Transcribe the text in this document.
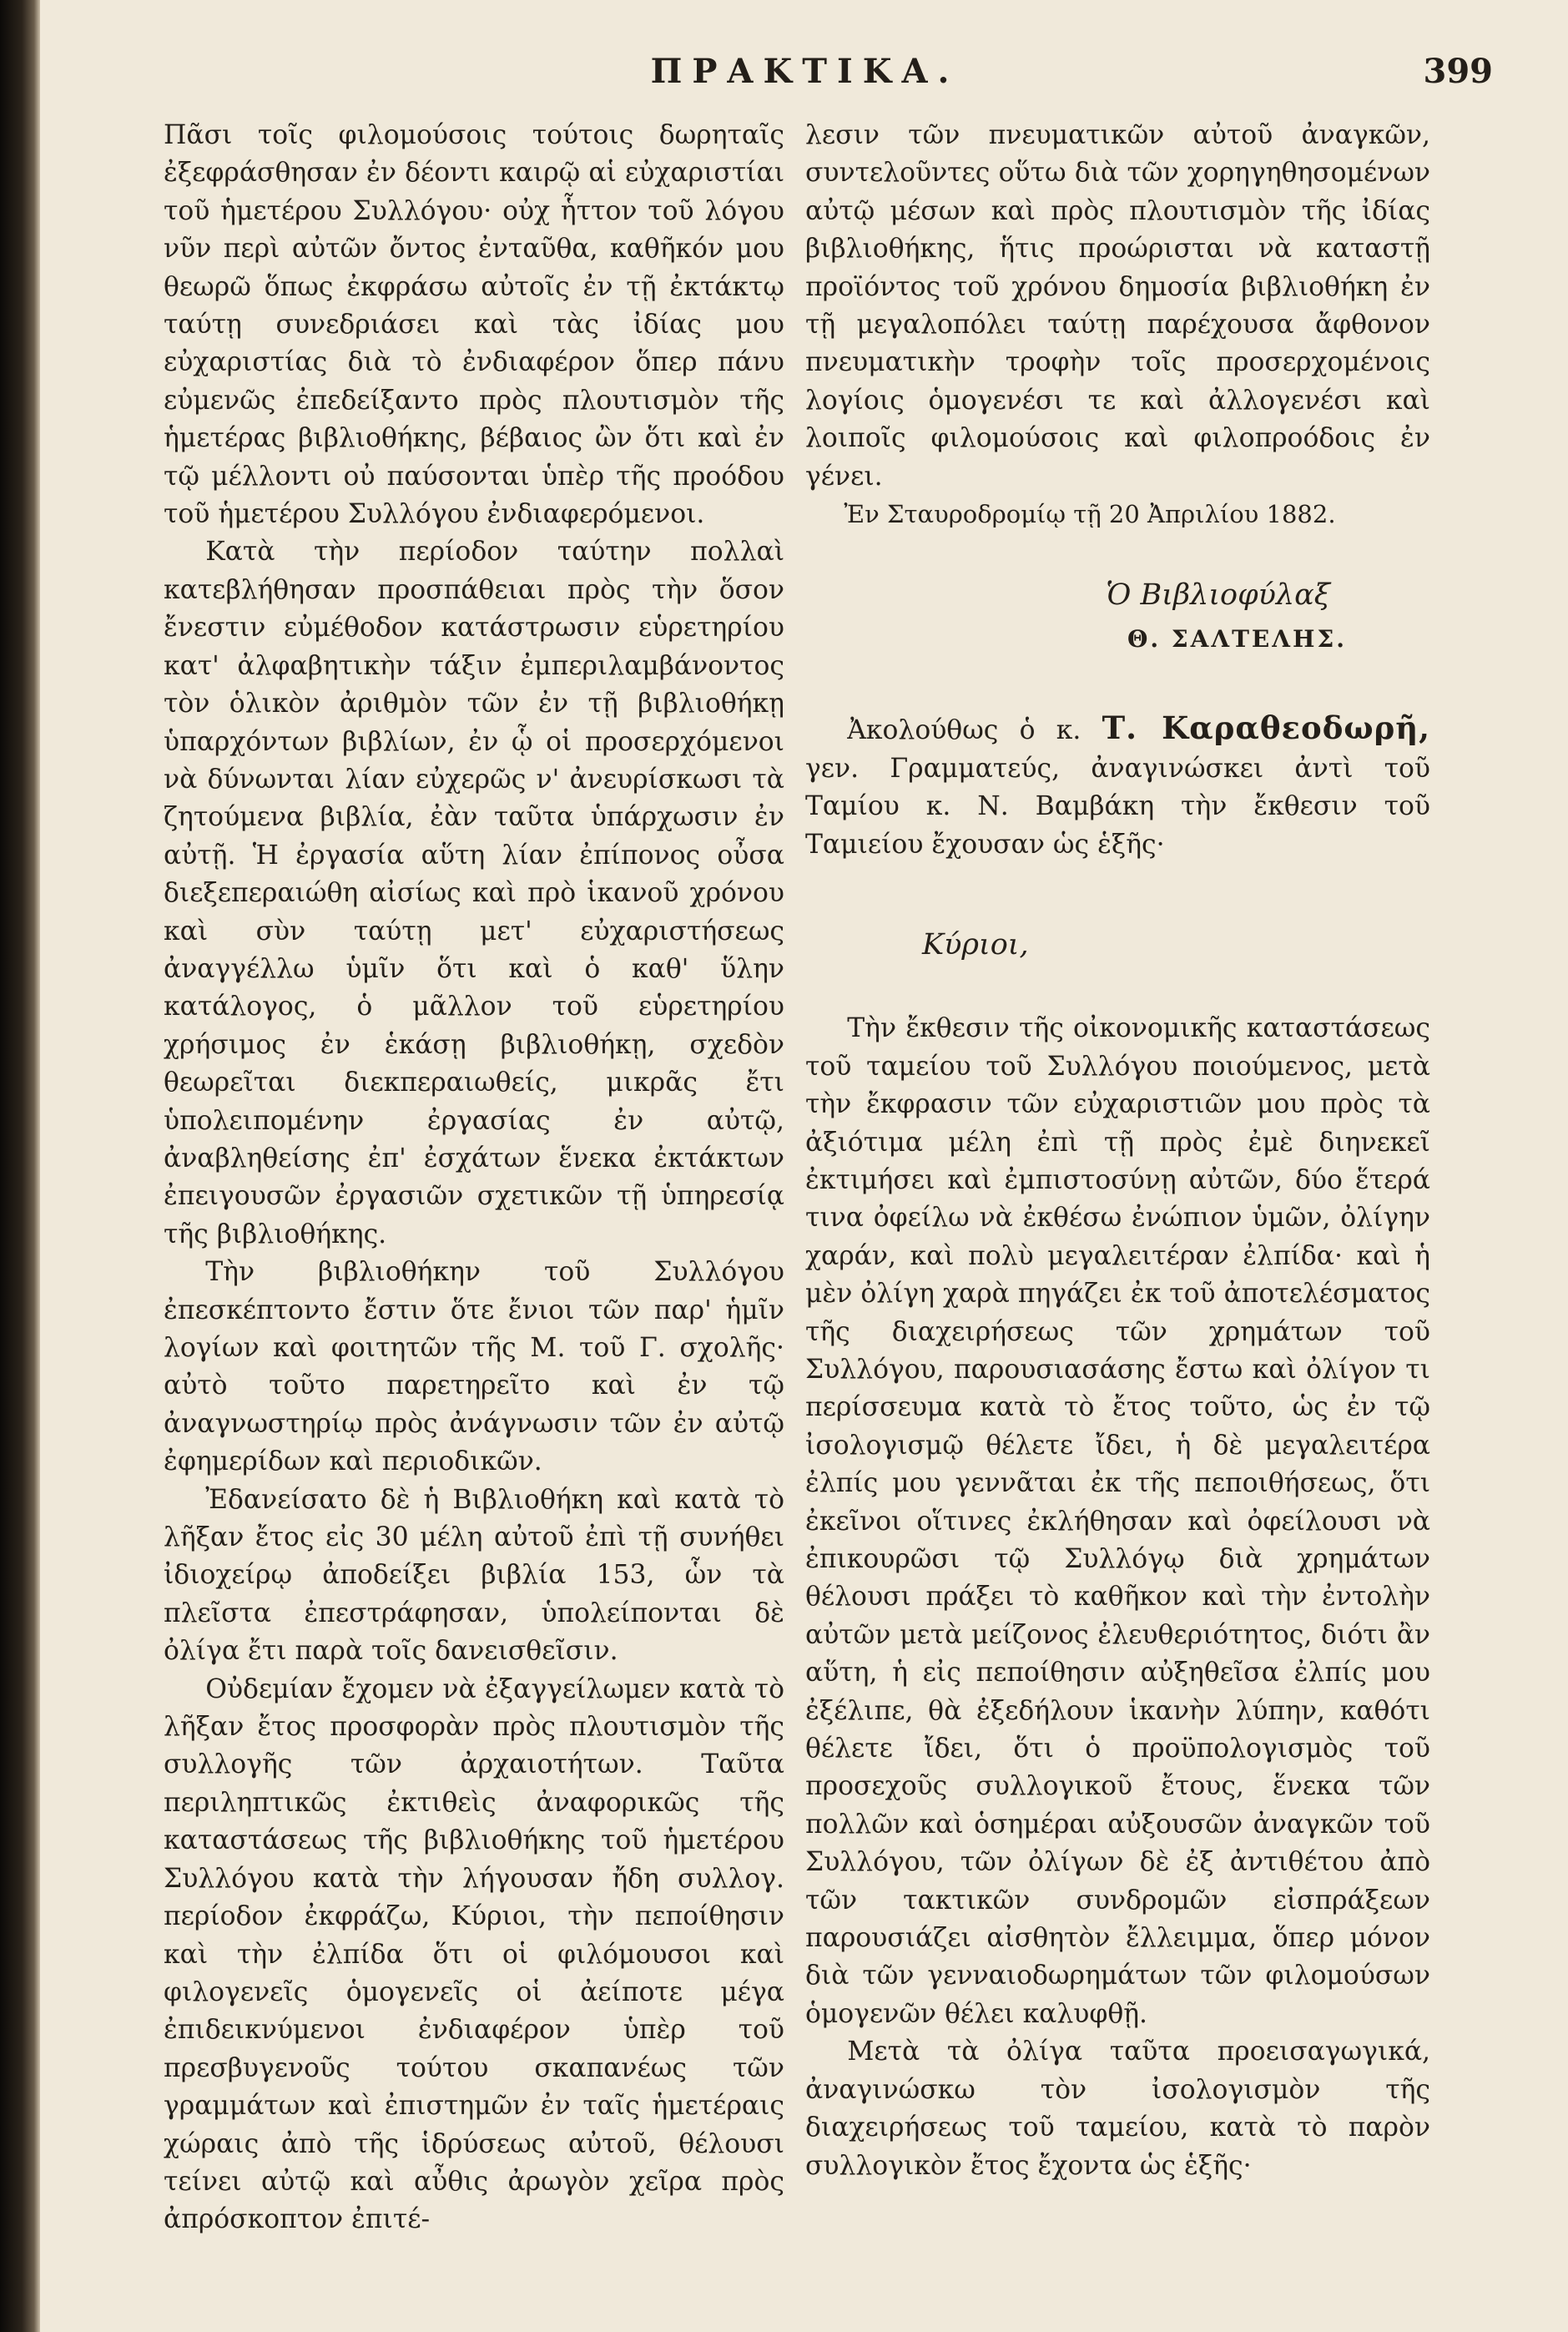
ΠΡΑΚΤΙΚΑ.	399

Πᾶσι τοῖς φιλομούσοις τούτοις δωρηταῖς ἐξεφράσθησαν ἐν δέοντι καιρῷ αἱ εὐχαριστίαι τοῦ ἡμετέρου Συλλόγου· οὐχ ἧττον τοῦ λόγου νῦν περὶ αὐτῶν ὄντος ἐνταῦθα, καθῆκόν μου θεωρῶ ὅπως ἐκφράσω αὐτοῖς ἐν τῇ ἐκτάκτῳ ταύτῃ συνεδριάσει καὶ τὰς ἰδίας μου εὐχαριστίας διὰ τὸ ἐνδιαφέρον ὅπερ πάνυ εὐμενῶς ἐπεδείξαντο πρὸς πλουτισμὸν τῆς ἡμετέρας βιβλιοθήκης, βέβαιος ὢν ὅτι καὶ ἐν τῷ μέλλοντι οὐ παύσονται ὑπὲρ τῆς προόδου τοῦ ἡμετέρου Συλλόγου ἐνδιαφερόμενοι.

Κατὰ τὴν περίοδον ταύτην πολλαὶ κατεβλήθησαν προσπάθειαι πρὸς τὴν ὅσον ἔνεστιν εὐμέθοδον κατάστρωσιν εὑρετηρίου κατ' ἀλφαβητικὴν τάξιν ἐμπεριλαμβάνοντος τὸν ὁλικὸν ἀριθμὸν τῶν ἐν τῇ βιβλιοθήκῃ ὑπαρχόντων βιβλίων, ἐν ᾧ οἱ προσερχόμενοι νὰ δύνωνται λίαν εὐχερῶς ν' ἀνευρίσκωσι τὰ ζητούμενα βιβλία, ἐὰν ταῦτα ὑπάρχωσιν ἐν αὐτῇ. Ἡ ἐργασία αὕτη λίαν ἐπίπονος οὖσα διεξεπεραιώθη αἰσίως καὶ πρὸ ἱκανοῦ χρόνου καὶ σὺν ταύτῃ μετ' εὐχαριστήσεως ἀναγγέλλω ὑμῖν ὅτι καὶ ὁ καθ' ὕλην κατάλογος, ὁ μᾶλλον τοῦ εὑρετηρίου χρήσιμος ἐν ἑκάσῃ βιβλιοθήκῃ, σχεδὸν θεωρεῖται διεκπεραιωθείς, μικρᾶς ἔτι ὑπολειπομένην ἐργασίας ἐν αὐτῷ, ἀναβληθείσης ἐπ' ἐσχάτων ἕνεκα ἐκτάκτων ἐπειγουσῶν ἐργασιῶν σχετικῶν τῇ ὑπηρεσίᾳ τῆς βιβλιοθήκης.

Τὴν βιβλιοθήκην τοῦ Συλλόγου ἐπεσκέπτοντο ἔστιν ὅτε ἔνιοι τῶν παρ' ἡμῖν λογίων καὶ φοιτητῶν τῆς Μ. τοῦ Γ. σχολῆς· αὐτὸ τοῦτο παρετηρεῖτο καὶ ἐν τῷ ἀναγνωστηρίῳ πρὸς ἀνάγνωσιν τῶν ἐν αὐτῷ ἐφημερίδων καὶ περιοδικῶν.

Ἐδανείσατο δὲ ἡ Βιβλιοθήκη καὶ κατὰ τὸ λῆξαν ἔτος εἰς 30 μέλη αὐτοῦ ἐπὶ τῇ συνήθει ἰδιοχείρῳ ἀποδείξει βιβλία 153, ὧν τὰ πλεῖστα ἐπεστράφησαν, ὑπολείπονται δὲ ὀλίγα ἔτι παρὰ τοῖς δανεισθεῖσιν.

Οὐδεμίαν ἔχομεν νὰ ἐξαγγείλωμεν κατὰ τὸ λῆξαν ἔτος προσφορὰν πρὸς πλουτισμὸν τῆς συλλογῆς τῶν ἀρχαιοτήτων. Ταῦτα περιληπτικῶς ἐκτιθεὶς ἀναφορικῶς τῆς καταστάσεως τῆς βιβλιοθήκης τοῦ ἡμετέρου Συλλόγου κατὰ τὴν λήγουσαν ἤδη συλλογ. περίοδον ἐκφράζω, Κύριοι, τὴν πεποίθησιν καὶ τὴν ἐλπίδα ὅτι οἱ φιλόμουσοι καὶ φιλογενεῖς ὁμογενεῖς οἱ ἀείποτε μέγα ἐπιδεικνύμενοι ἐνδιαφέρον ὑπὲρ τοῦ πρεσβυγενοῦς τούτου σκαπανέως τῶν γραμμάτων καὶ ἐπιστημῶν ἐν ταῖς ἡμετέραις χώραις ἀπὸ τῆς ἱδρύσεως αὐτοῦ, θέλουσι τείνει αὐτῷ καὶ αὖθις ἀρωγὸν χεῖρα πρὸς ἀπρόσκοπτον ἐπιτέ-

λεσιν τῶν πνευματικῶν αὐτοῦ ἀναγκῶν, συντελοῦντες οὕτω διὰ τῶν χορηγηθησομένων αὐτῷ μέσων καὶ πρὸς πλουτισμὸν τῆς ἰδίας βιβλιοθήκης, ἥτις προώρισται νὰ καταστῇ προϊόντος τοῦ χρόνου δημοσία βιβλιοθήκη ἐν τῇ μεγαλοπόλει ταύτῃ παρέχουσα ἄφθονον πνευματικὴν τροφὴν τοῖς προσερχομένοις λογίοις ὁμογενέσι τε καὶ ἀλλογενέσι καὶ λοιποῖς φιλομούσοις καὶ φιλοπροόδοις ἐν γένει.

Ἐν Σταυροδρομίῳ τῇ 20 Ἀπριλίου 1882.

Ὁ Βιβλιοφύλαξ
Θ. ΣΑΛΤΕΛΗΣ.

Ἀκολούθως ὁ κ. Τ. Καραθεοδωρῆ, γεν. Γραμματεύς, ἀναγινώσκει ἀντὶ τοῦ Ταμίου κ. Ν. Βαμβάκη τὴν ἔκθεσιν τοῦ Ταμιείου ἔχουσαν ὡς ἑξῆς·

Κύριοι,

Τὴν ἔκθεσιν τῆς οἰκονομικῆς καταστάσεως τοῦ ταμείου τοῦ Συλλόγου ποιούμενος, μετὰ τὴν ἔκφρασιν τῶν εὐχαριστιῶν μου πρὸς τὰ ἀξιότιμα μέλη ἐπὶ τῇ πρὸς ἐμὲ διηνεκεῖ ἐκτιμήσει καὶ ἐμπιστοσύνῃ αὐτῶν, δύο ἕτερά τινα ὀφείλω νὰ ἐκθέσω ἐνώπιον ὑμῶν, ὀλίγην χαράν, καὶ πολὺ μεγαλειτέραν ἐλπίδα· καὶ ἡ μὲν ὀλίγη χαρὰ πηγάζει ἐκ τοῦ ἀποτελέσματος τῆς διαχειρήσεως τῶν χρημάτων τοῦ Συλλόγου, παρουσιασάσης ἔστω καὶ ὀλίγον τι περίσσευμα κατὰ τὸ ἔτος τοῦτο, ὡς ἐν τῷ ἰσολογισμῷ θέλετε ἴδει, ἡ δὲ μεγαλειτέρα ἐλπίς μου γεννᾶται ἐκ τῆς πεποιθήσεως, ὅτι ἐκεῖνοι οἵτινες ἐκλήθησαν καὶ ὀφείλουσι νὰ ἐπικουρῶσι τῷ Συλλόγῳ διὰ χρημάτων θέλουσι πράξει τὸ καθῆκον καὶ τὴν ἐντολὴν αὐτῶν μετὰ μείζονος ἐλευθεριότητος, διότι ἂν αὕτη, ἡ εἰς πεποίθησιν αὐξηθεῖσα ἐλπίς μου ἐξέλιπε, θὰ ἐξεδήλουν ἱκανὴν λύπην, καθότι θέλετε ἴδει, ὅτι ὁ προϋπολογισμὸς τοῦ προσεχοῦς συλλογικοῦ ἔτους, ἕνεκα τῶν πολλῶν καὶ ὁσημέραι αὐξουσῶν ἀναγκῶν τοῦ Συλλόγου, τῶν ὀλίγων δὲ ἐξ ἀντιθέτου ἀπὸ τῶν τακτικῶν συνδρομῶν εἰσπράξεων παρουσιάζει αἰσθητὸν ἔλλειμμα, ὅπερ μόνον διὰ τῶν γενναιοδωρημάτων τῶν φιλομούσων ὁμογενῶν θέλει καλυφθῇ.

Μετὰ τὰ ὀλίγα ταῦτα προεισαγωγικά, ἀναγινώσκω τὸν ἰσολογισμὸν τῆς διαχειρήσεως τοῦ ταμείου, κατὰ τὸ παρὸν συλλογικὸν ἔτος ἔχοντα ὡς ἑξῆς·
